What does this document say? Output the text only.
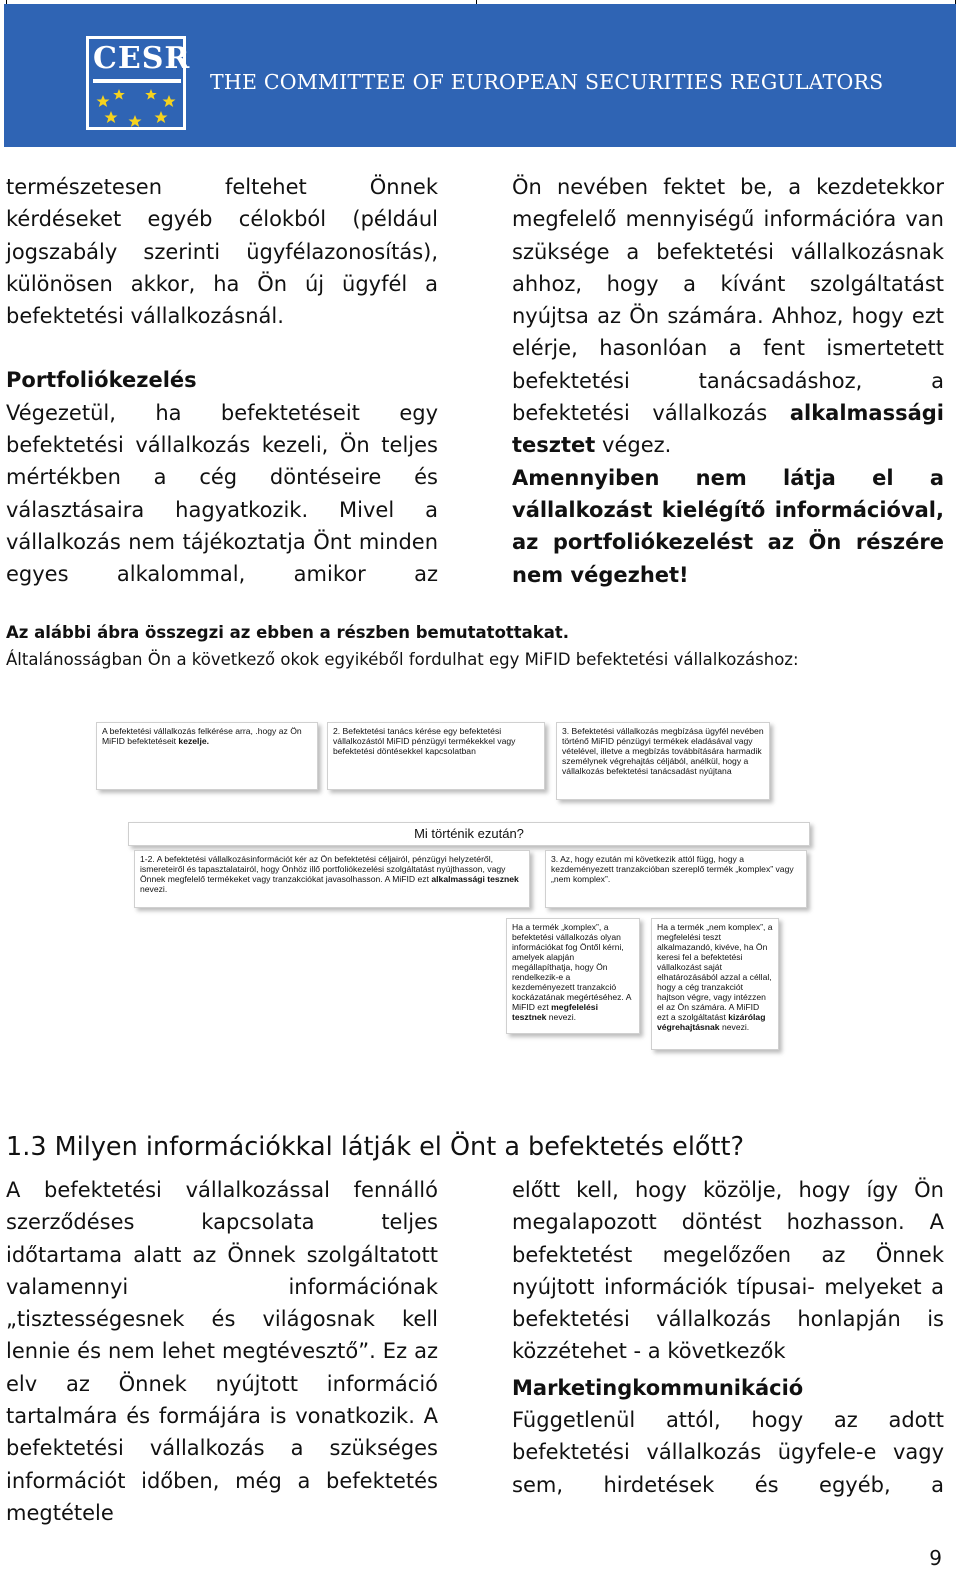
CESR
THE COMMITTEE OF EUROPEAN SECURITIES REGULATORS

természetesen feltehet Önnek kérdéseket egyéb célokból (például jogszabály szerinti ügyfélazonosítás), különösen akkor, ha Ön új ügyfél a befektetési vállalkozásnál.

Portfoliókezelés

Végezetül, ha befektetéseit egy befektetési vállalkozás kezeli, Ön teljes mértékben a cég döntéseire és választásaira hagyatkozik. Mivel a vállalkozás nem tájékoztatja Önt minden egyes alkalommal, amikor az

Ön nevében fektet be, a kezdetekkor megfelelő mennyiségű információra van szüksége a befektetési vállalkozásnak ahhoz, hogy a kívánt szolgáltatást nyújtsa az Ön számára. Ahhoz, hogy ezt elérje, hasonlóan a fent ismertetett befektetési tanácsadáshoz, a befektetési vállalkozás alkalmassági tesztet végez.

Amennyiben nem látja el a vállalkozást kielégítő információval, az portfoliókezelést az Ön részére nem végezhet!

Az alábbi ábra összegzi az ebben a részben bemutatottakat.
Általánosságban Ön a következő okok egyikéből fordulhat egy MiFID befektetési vállalkozáshoz:
A befektetési vállalkozás felkérése arra, .hogy az Ön MiFID befektetéseit kezelje.
2. Befektetési tanács kérése egy befektetési vállalkozástól MiFID pénzügyi termékekkel vagy befektetési döntésekkel kapcsolatban
3. Befektetési vállalkozás megbízása ügyfél nevében történő MiFID pénzügyi termékek eladásával vagy vételével, illetve a megbízás továbbítására harmadik személynek végrehajtás céljából, anélkül, hogy a vállalkozás befektetési tanácsadást nyújtana
Mi történik ezután?
1-2. A befektetési vállalkozásinformációt kér az Ön befektetési céljairól, pénzügyi helyzetéről, ismereteiről és tapasztalatairól, hogy Önhöz illő portfoliókezelési szolgáltatást nyújthasson, vagy Önnek megfelelő termékeket vagy tranzakciókat javasolhasson. A MiFID ezt alkalmassági tesznek nevezi.
3. Az, hogy ezután mi következik attól függ, hogy a kezdeményezett tranzakcióban szereplő termék „komplex” vagy „nem komplex”.
Ha a termék „komplex”, a befektetési vállalkozás olyan információkat fog Öntől kérni, amelyek alapján megállapíthatja, hogy Ön rendelkezik-e a kezdeményezett tranzakció kockázatának megértéséhez. A MiFID ezt megfelelési tesztnek nevezi.
Ha a termék „nem komplex”, a megfelelési teszt alkalmazandó, kivéve, ha Ön keresi fel a befektetési vállalkozást saját elhatározásából azzal a céllal, hogy a cég tranzakciót hajtson végre, vagy intézzen el az Ön számára. A MiFID ezt a szolgáltatást kizárólag végrehajtásnak nevezi.
1.3 Milyen információkkal látják el Önt a befektetés előtt?

A befektetési vállalkozással fennálló szerződéses kapcsolata teljes időtartama alatt az Önnek szolgáltatott valamennyi információnak „tisztességesnek és világosnak kell lennie és nem lehet megtévesztő”. Ez az elv az Önnek nyújtott információ tartalmára és formájára is vonatkozik. A befektetési vállalkozás a szükséges információt időben, még a befektetés megtétele

előtt kell, hogy közölje, hogy így Ön megalapozott döntést hozhasson. A befektetést megelőzően az Önnek nyújtott információk típusai- melyeket a befektetési vállalkozás honlapján is közzétehet - a következők

Marketingkommunikáció

Függetlenül attól, hogy az adott befektetési vállalkozás ügyfele-e vagy sem, hirdetések és egyéb, a

9
